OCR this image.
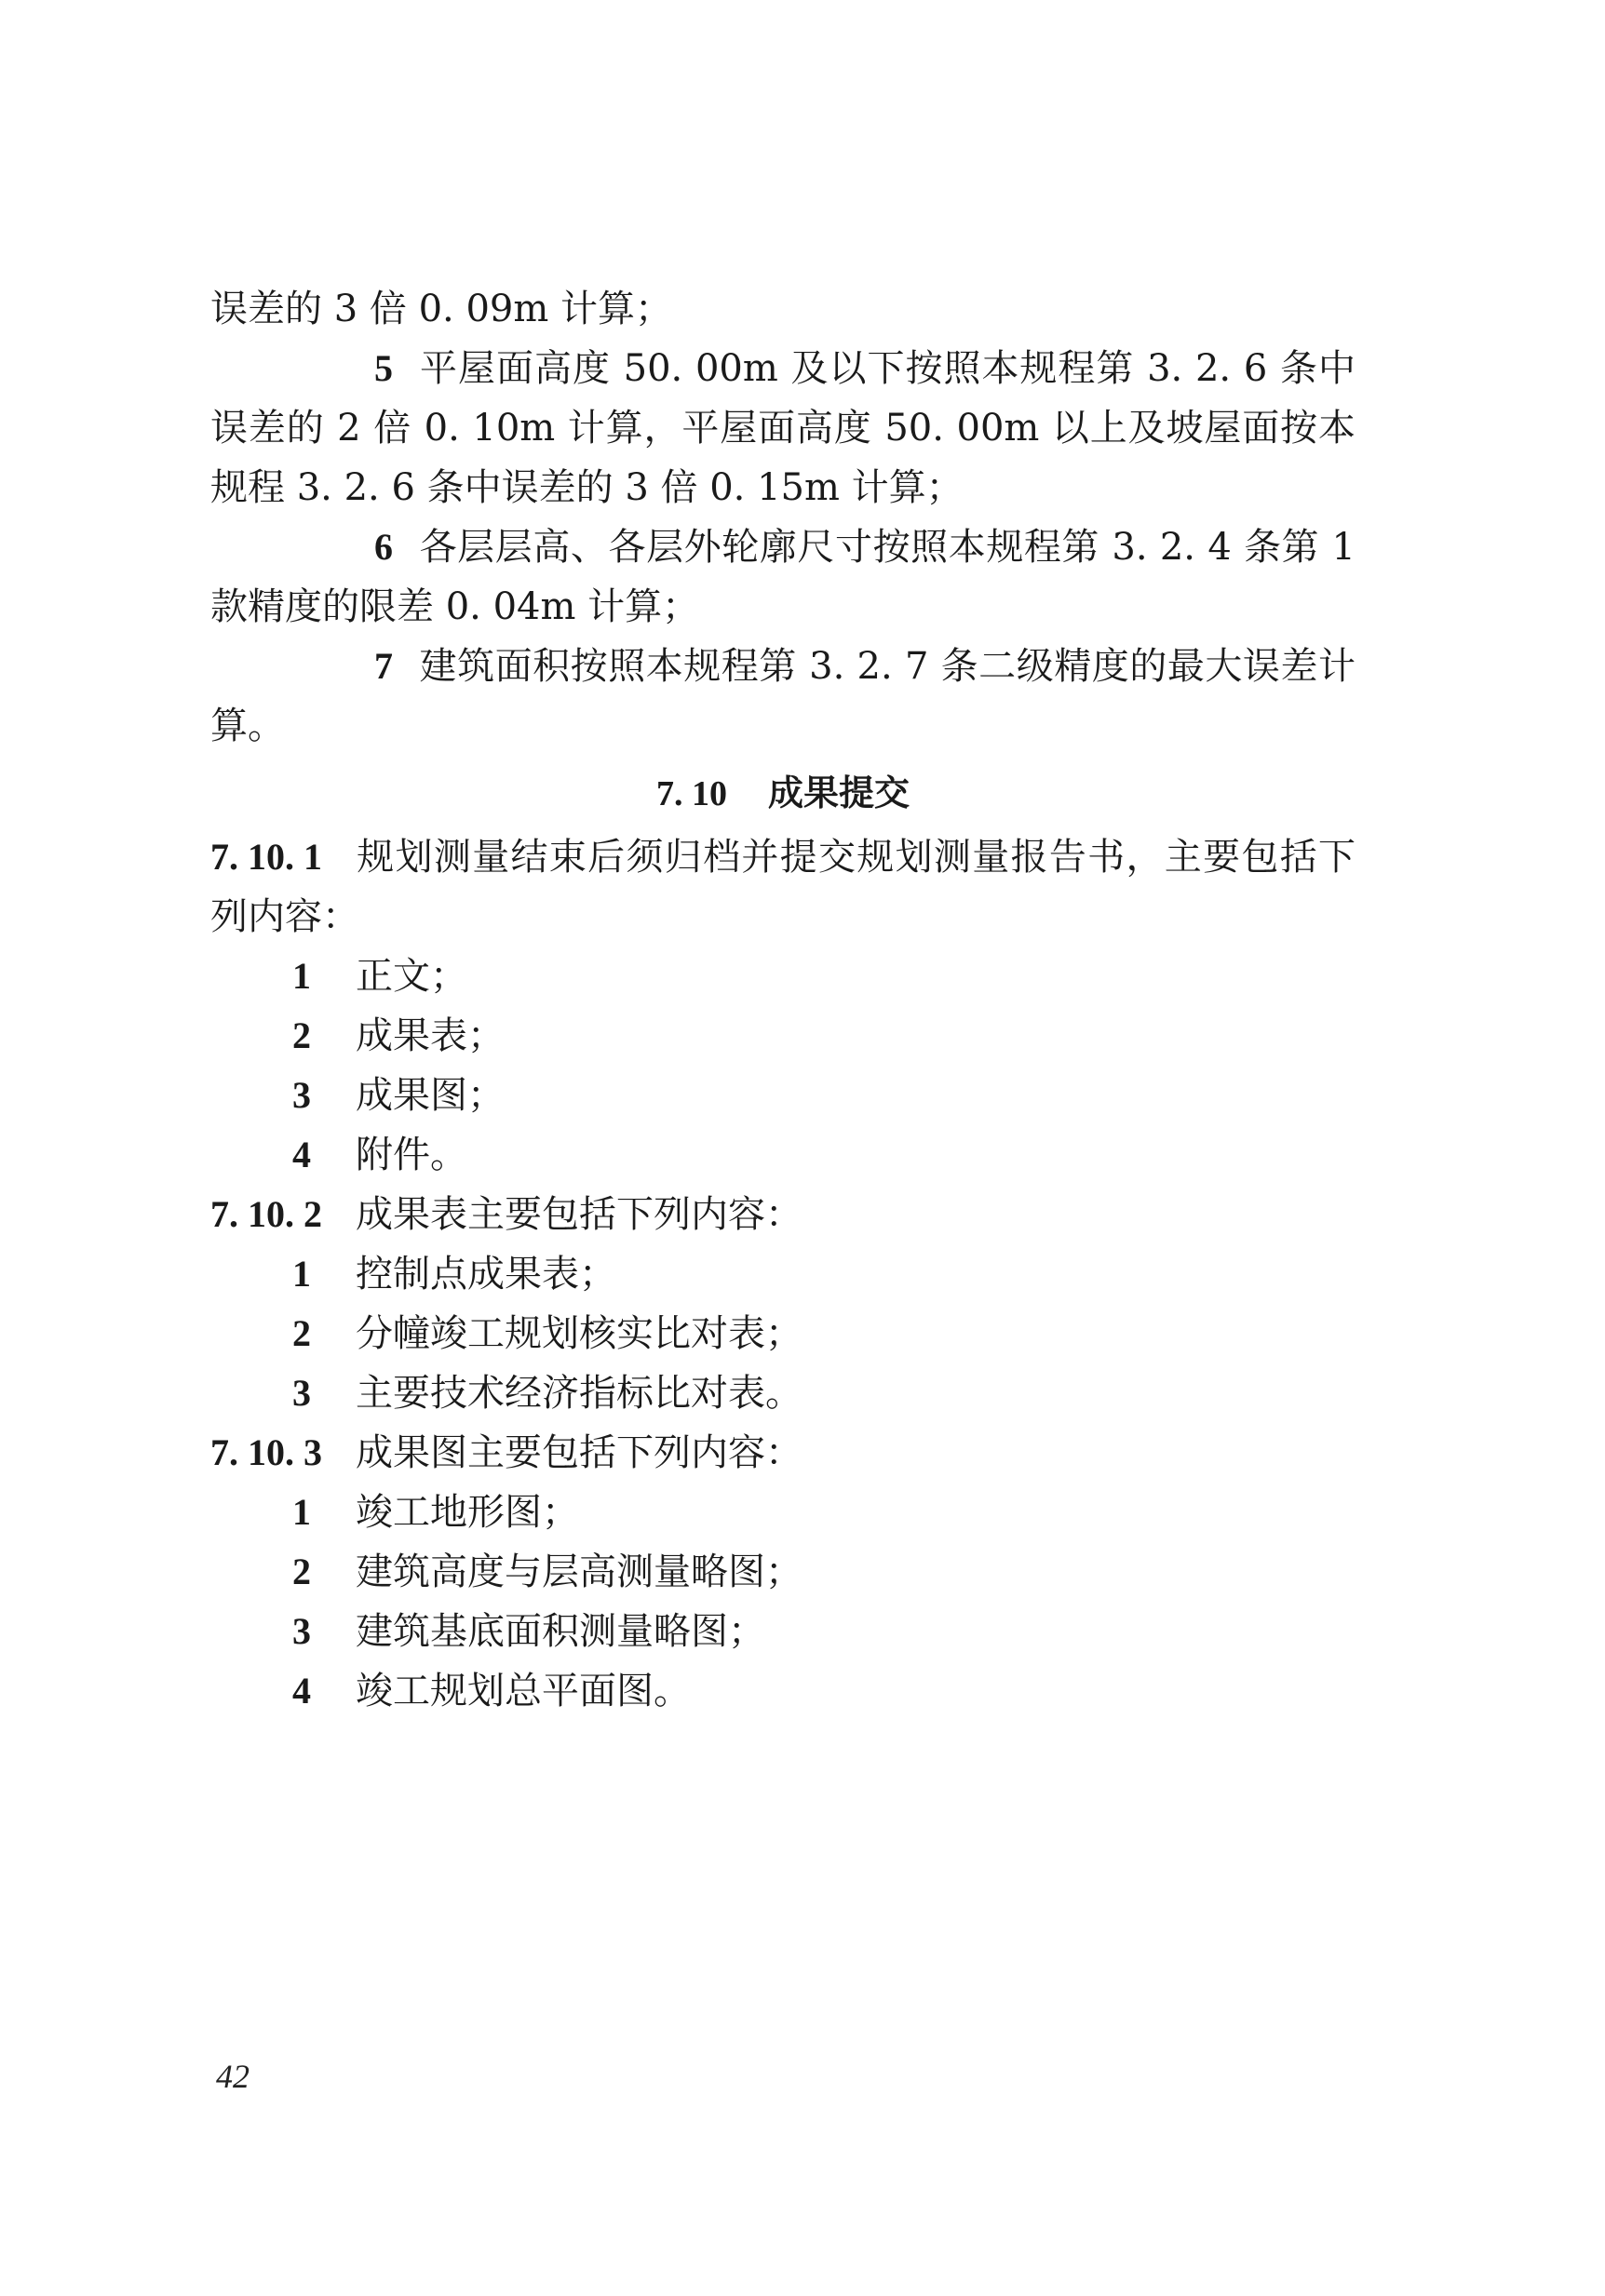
误差的 3 倍 0. 09m 计算；

5 平屋面高度 50. 00m 及以下按照本规程第 3. 2. 6 条中误差的 2 倍 0. 10m 计算，平屋面高度 50. 00m 以上及坡屋面按本规程 3. 2. 6 条中误差的 3 倍 0. 15m 计算；

6 各层层高、各层外轮廓尺寸按照本规程第 3. 2. 4 条第 1 款精度的限差 0. 04m 计算；

7 建筑面积按照本规程第 3. 2. 7 条二级精度的最大误差计算。

7. 10 成果提交

7. 10. 1 规划测量结束后须归档并提交规划测量报告书，主要包括下列内容：

1 正文；

2 成果表；

3 成果图；

4 附件。

7. 10. 2 成果表主要包括下列内容：

1 控制点成果表；

2 分幢竣工规划核实比对表；

3 主要技术经济指标比对表。

7. 10. 3 成果图主要包括下列内容：

1 竣工地形图；

2 建筑高度与层高测量略图；

3 建筑基底面积测量略图；

4 竣工规划总平面图。

42
